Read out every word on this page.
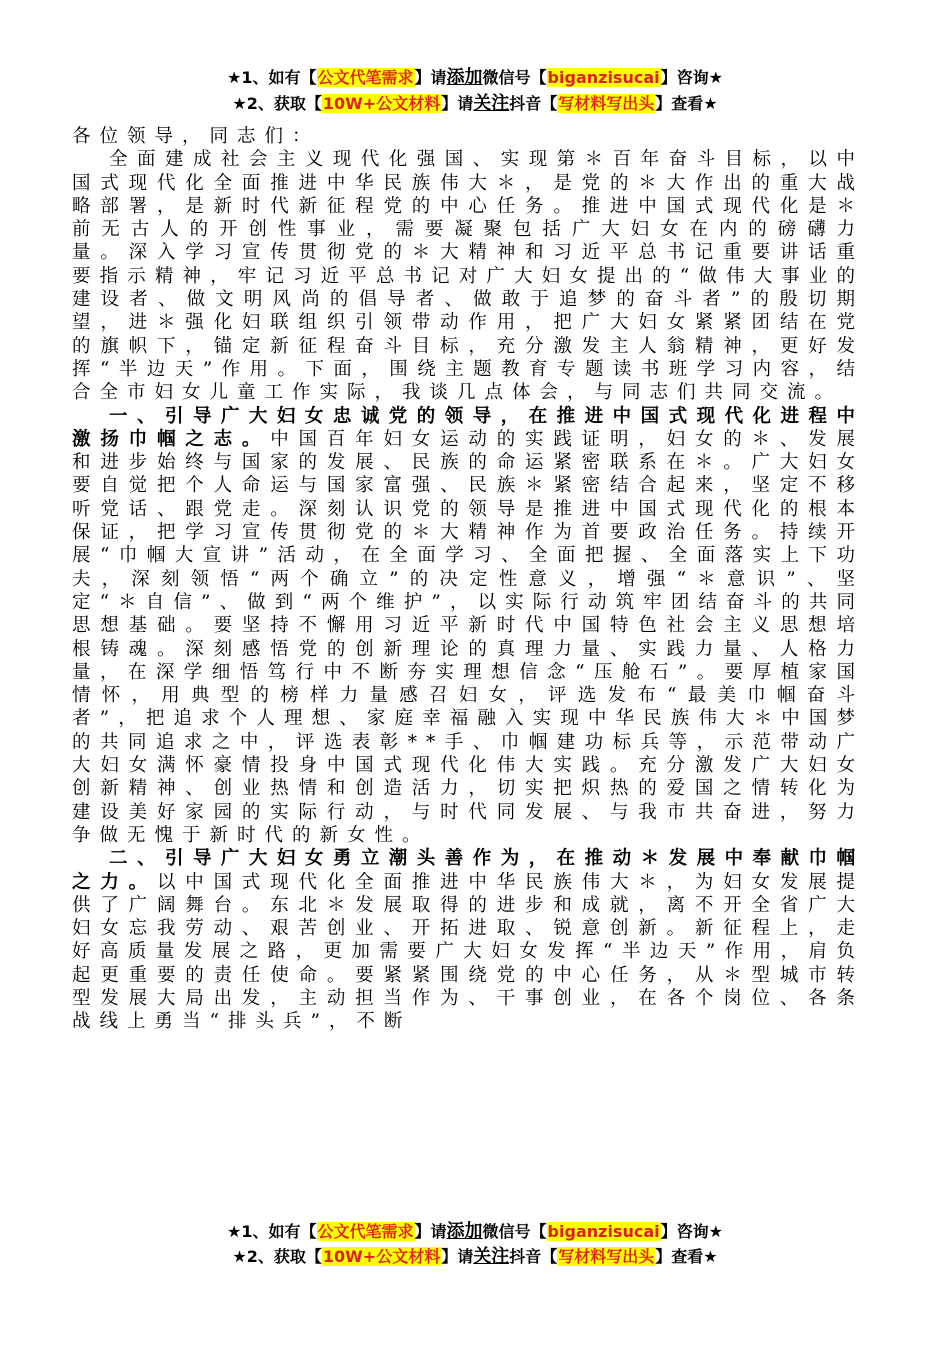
★1、如有【公文代笔需求】请添加微信号【biganzisucai】咨询★
★2、获取【10W+公文材料】请关注抖音【写材料写出头】查看★

各位领导，同志们：

全面建成社会主义现代化强国、实现第＊百年奋斗目标，以中国式现代化全面推进中华民族伟大＊，是党的＊大作出的重大战略部署，是新时代新征程党的中心任务。推进中国式现代化是＊前无古人的开创性事业，需要凝聚包括广大妇女在内的磅礴力量。深入学习宣传贯彻党的＊大精神和习近平总书记重要讲话重要指示精神，牢记习近平总书记对广大妇女提出的“做伟大事业的建设者、做文明风尚的倡导者、做敢于追梦的奋斗者”的殷切期望，进＊强化妇联组织引领带动作用，把广大妇女紧紧团结在党的旗帜下，锚定新征程奋斗目标，充分激发主人翁精神，更好发挥“半边天”作用。下面，围绕主题教育专题读书班学习内容，结合全市妇女儿童工作实际，我谈几点体会，与同志们共同交流。

一、引导广大妇女忠诚党的领导，在推进中国式现代化进程中激扬巾帼之志。中国百年妇女运动的实践证明，妇女的＊、发展和进步始终与国家的发展、民族的命运紧密联系在＊。广大妇女要自觉把个人命运与国家富强、民族＊紧密结合起来，坚定不移听党话、跟党走。深刻认识党的领导是推进中国式现代化的根本保证，把学习宣传贯彻党的＊大精神作为首要政治任务。持续开展“巾帼大宣讲”活动，在全面学习、全面把握、全面落实上下功夫，深刻领悟“两个确立”的决定性意义，增强“＊意识”、坚定“＊自信”、做到“两个维护”，以实际行动筑牢团结奋斗的共同思想基础。要坚持不懈用习近平新时代中国特色社会主义思想培根铸魂。深刻感悟党的创新理论的真理力量、实践力量、人格力量，在深学细悟笃行中不断夯实理想信念“压舱石”。要厚植家国情怀，用典型的榜样力量感召妇女，评选发布“最美巾帼奋斗者”，把追求个人理想、家庭幸福融入实现中华民族伟大＊中国梦的共同追求之中，评选表彰**手、巾帼建功标兵等，示范带动广大妇女满怀豪情投身中国式现代化伟大实践。充分激发广大妇女创新精神、创业热情和创造活力，切实把炽热的爱国之情转化为建设美好家园的实际行动，与时代同发展、与我市共奋进，努力争做无愧于新时代的新女性。

二、引导广大妇女勇立潮头善作为，在推动＊发展中奉献巾帼之力。以中国式现代化全面推进中华民族伟大＊，为妇女发展提供了广阔舞台。东北＊发展取得的进步和成就，离不开全省广大妇女忘我劳动、艰苦创业、开拓进取、锐意创新。新征程上，走好高质量发展之路，更加需要广大妇女发挥“半边天”作用，肩负起更重要的责任使命。要紧紧围绕党的中心任务，从＊型城市转型发展大局出发，主动担当作为、干事创业，在各个岗位、各条战线上勇当“排头兵”，不断

★1、如有【公文代笔需求】请添加微信号【biganzisucai】咨询★
★2、获取【10W+公文材料】请关注抖音【写材料写出头】查看★
